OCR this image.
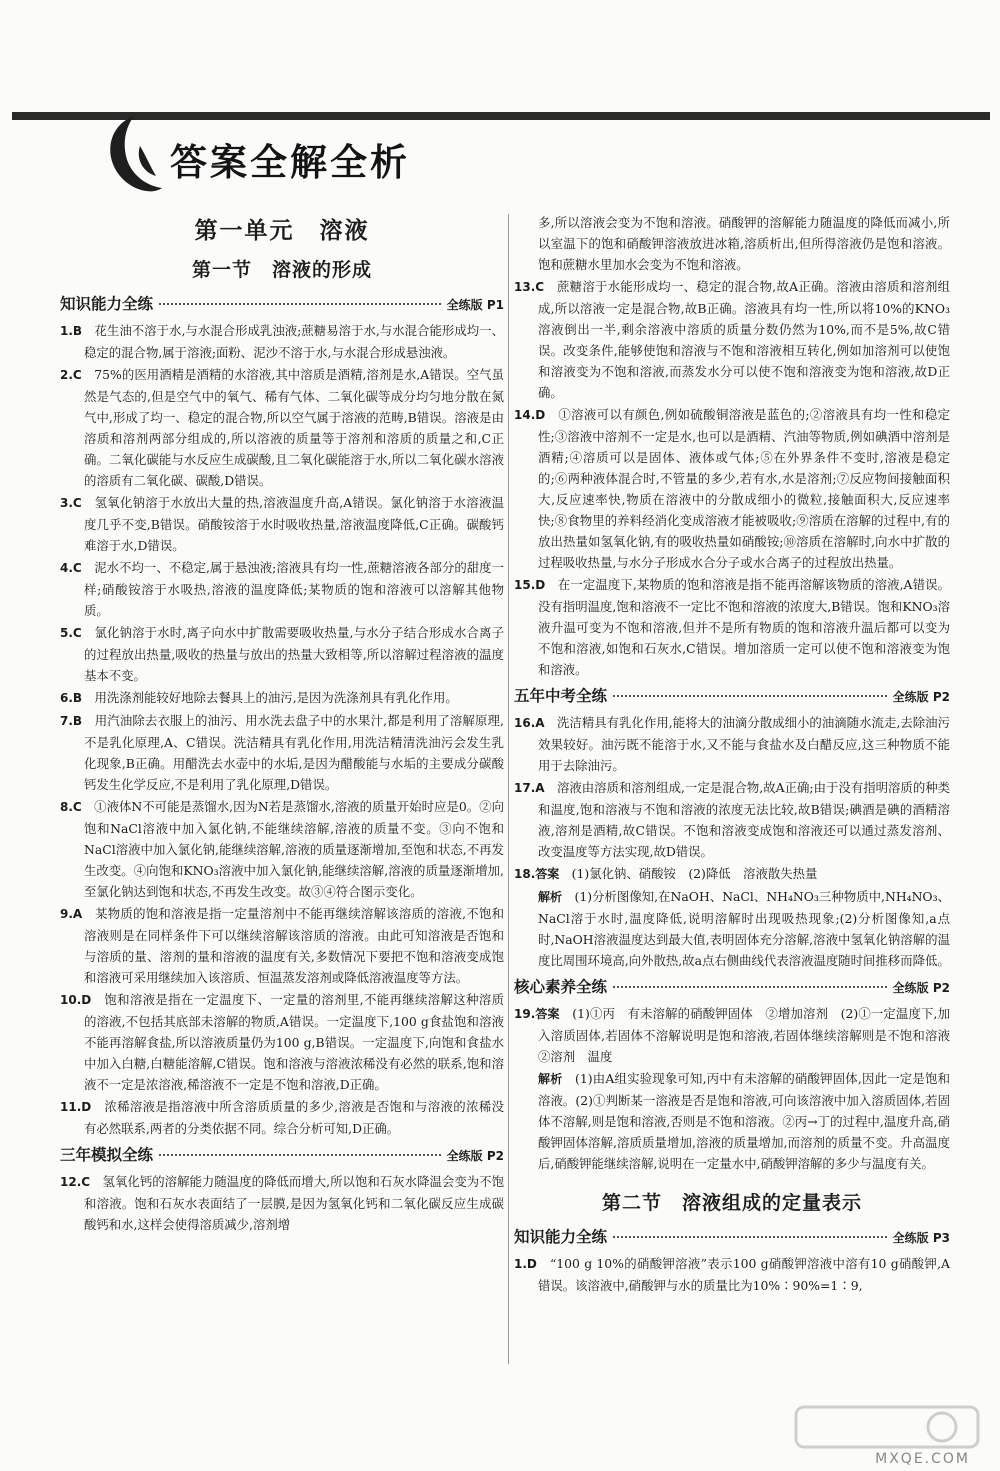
答案全解全析
第一单元　溶液
第一节　溶液的形成
知识能力全练	全练版 P1
1.B　 花生油不溶于水,与水混合形成乳浊液;蔗糖易溶于水,与水混合能形成均一、稳定的混合物,属于溶液;面粉、泥沙不溶于水,与水混合形成悬浊液。
2.C　 75%的医用酒精是酒精的水溶液,其中溶质是酒精,溶剂是水,A错误。空气虽然是气态的,但是空气中的氧气、稀有气体、二氧化碳等成分均匀地分散在氮气中,形成了均一、稳定的混合物,所以空气属于溶液的范畴,B错误。溶液是由溶质和溶剂两部分组成的,所以溶液的质量等于溶剂和溶质的质量之和,C正确。二氧化碳能与水反应生成碳酸,且二氧化碳能溶于水,所以二氧化碳水溶液的溶质有二氧化碳、碳酸,D错误。
3.C　 氢氧化钠溶于水放出大量的热,溶液温度升高,A错误。氯化钠溶于水溶液温度几乎不变,B错误。硝酸铵溶于水时吸收热量,溶液温度降低,C正确。碳酸钙难溶于水,D错误。
4.C　 泥水不均一、不稳定,属于悬浊液;溶液具有均一性,蔗糖溶液各部分的甜度一样;硝酸铵溶于水吸热,溶液的温度降低;某物质的饱和溶液可以溶解其他物质。
5.C　 氯化钠溶于水时,离子向水中扩散需要吸收热量,与水分子结合形成水合离子的过程放出热量,吸收的热量与放出的热量大致相等,所以溶解过程溶液的温度基本不变。
6.B　 用洗涤剂能较好地除去餐具上的油污,是因为洗涤剂具有乳化作用。
7.B　 用汽油除去衣服上的油污、用水洗去盘子中的水果汁,都是利用了溶解原理,不是乳化原理,A、C错误。洗洁精具有乳化作用,用洗洁精清洗油污会发生乳化现象,B正确。用醋洗去水壶中的水垢,是因为醋酸能与水垢的主要成分碳酸钙发生化学反应,不是利用了乳化原理,D错误。
8.C　 ①液体N不可能是蒸馏水,因为N若是蒸馏水,溶液的质量开始时应是0。②向饱和NaCl溶液中加入氯化钠,不能继续溶解,溶液的质量不变。③向不饱和NaCl溶液中加入氯化钠,能继续溶解,溶液的质量逐渐增加,至饱和状态,不再发生改变。④向饱和KNO₃溶液中加入氯化钠,能继续溶解,溶液的质量逐渐增加,至氯化钠达到饱和状态,不再发生改变。故③④符合图示变化。
9.A　 某物质的饱和溶液是指一定量溶剂中不能再继续溶解该溶质的溶液,不饱和溶液则是在同样条件下可以继续溶解该溶质的溶液。由此可知溶液是否饱和与溶质的量、溶剂的量和溶液的温度有关,多数情况下要把不饱和溶液变成饱和溶液可采用继续加入该溶质、恒温蒸发溶剂或降低溶液温度等方法。
10.D　 饱和溶液是指在一定温度下、一定量的溶剂里,不能再继续溶解这种溶质的溶液,不包括其底部未溶解的物质,A错误。一定温度下,100 g食盐饱和溶液不能再溶解食盐,所以溶液质量仍为100 g,B错误。一定温度下,向饱和食盐水中加入白糖,白糖能溶解,C错误。饱和溶液与溶液浓稀没有必然的联系,饱和溶液不一定是浓溶液,稀溶液不一定是不饱和溶液,D正确。
11.D　 浓稀溶液是指溶液中所含溶质质量的多少,溶液是否饱和与溶液的浓稀没有必然联系,两者的分类依据不同。综合分析可知,D正确。
三年模拟全练	全练版 P2
12.C　 氢氧化钙的溶解能力随温度的降低而增大,所以饱和石灰水降温会变为不饱和溶液。饱和石灰水表面结了一层膜,是因为氢氧化钙和二氧化碳反应生成碳酸钙和水,这样会使得溶质减少,溶剂增
多,所以溶液会变为不饱和溶液。硝酸钾的溶解能力随温度的降低而减小,所以室温下的饱和硝酸钾溶液放进冰箱,溶质析出,但所得溶液仍是饱和溶液。饱和蔗糖水里加水会变为不饱和溶液。
13.C　 蔗糖溶于水能形成均一、稳定的混合物,故A正确。溶液由溶质和溶剂组成,所以溶液一定是混合物,故B正确。溶液具有均一性,所以将10%的KNO₃溶液倒出一半,剩余溶液中溶质的质量分数仍然为10%,而不是5%,故C错误。改变条件,能够使饱和溶液与不饱和溶液相互转化,例如加溶剂可以使饱和溶液变为不饱和溶液,而蒸发水分可以使不饱和溶液变为饱和溶液,故D正确。
14.D　 ①溶液可以有颜色,例如硫酸铜溶液是蓝色的;②溶液具有均一性和稳定性;③溶液中溶剂不一定是水,也可以是酒精、汽油等物质,例如碘酒中溶剂是酒精;④溶质可以是固体、液体或气体;⑤在外界条件不变时,溶液是稳定的;⑥两种液体混合时,不管量的多少,若有水,水是溶剂;⑦反应物间接触面积大,反应速率快,物质在溶液中的分散成细小的微粒,接触面积大,反应速率快;⑧食物里的养料经消化变成溶液才能被吸收;⑨溶质在溶解的过程中,有的放出热量如氢氧化钠,有的吸收热量如硝酸铵;⑩溶质在溶解时,向水中扩散的过程吸收热量,与水分子形成水合分子或水合离子的过程放出热量。
15.D　 在一定温度下,某物质的饱和溶液是指不能再溶解该物质的溶液,A错误。没有指明温度,饱和溶液不一定比不饱和溶液的浓度大,B错误。饱和KNO₃溶液升温可变为不饱和溶液,但并不是所有物质的饱和溶液升温后都可以变为不饱和溶液,如饱和石灰水,C错误。增加溶质一定可以使不饱和溶液变为饱和溶液。
五年中考全练	全练版 P2
16.A　 洗洁精具有乳化作用,能将大的油滴分散成细小的油滴随水流走,去除油污效果较好。油污既不能溶于水,又不能与食盐水及白醋反应,这三种物质不能用于去除油污。
17.A　 溶液由溶质和溶剂组成,一定是混合物,故A正确;由于没有指明溶质的种类和温度,饱和溶液与不饱和溶液的浓度无法比较,故B错误;碘酒是碘的酒精溶液,溶剂是酒精,故C错误。不饱和溶液变成饱和溶液还可以通过蒸发溶剂、改变温度等方法实现,故D错误。
18.答案　 (1)氯化钠、硝酸铵　(2)降低　溶液散失热量
解析　 (1)分析图像知,在NaOH、NaCl、NH₄NO₃三种物质中,NH₄NO₃、NaCl溶于水时,温度降低,说明溶解时出现吸热现象;(2)分析图像知,a点时,NaOH溶液温度达到最大值,表明固体充分溶解,溶液中氢氧化钠溶解的温度比周围环境高,向外散热,故a点右侧曲线代表溶液温度随时间推移而降低。
核心素养全练	全练版 P2
19.答案　 (1)①丙　有未溶解的硝酸钾固体　②增加溶剂　(2)①一定温度下,加入溶质固体,若固体不溶解说明是饱和溶液,若固体继续溶解则是不饱和溶液　②溶剂　温度
解析　 (1)由A组实验现象可知,丙中有未溶解的硝酸钾固体,因此一定是饱和溶液。(2)①判断某一溶液是否是饱和溶液,可向该溶液中加入溶质固体,若固体不溶解,则是饱和溶液,否则是不饱和溶液。②丙→丁的过程中,温度升高,硝酸钾固体溶解,溶质质量增加,溶液的质量增加,而溶剂的质量不变。升高温度后,硝酸钾能继续溶解,说明在一定量水中,硝酸钾溶解的多少与温度有关。
第二节　溶液组成的定量表示
知识能力全练	全练版 P3
1.D　 “100 g 10%的硝酸钾溶液”表示100 g硝酸钾溶液中溶有10 g硝酸钾,A错误。该溶液中,硝酸钾与水的质量比为10%∶90%=1∶9,
MXQE.COM
